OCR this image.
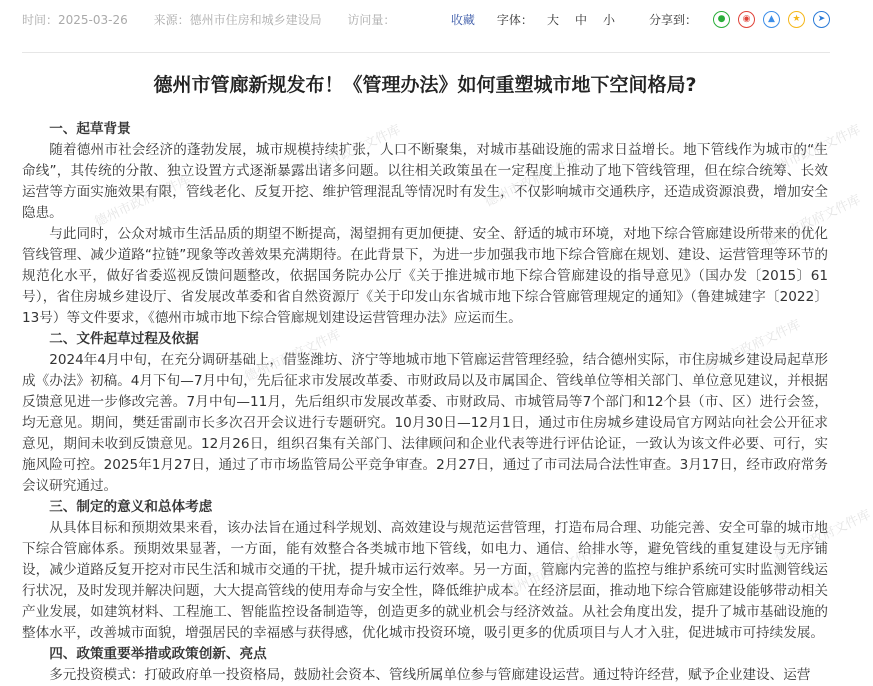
时间：2025-03-26 来源：德州市住房和城乡建设局 访问量：	收藏 字体： 大 中 小	分享到：	● ◉ ▲ ★ ➤
德州市管廊新规发布！《管理办法》如何重塑城市地下空间格局?
一、起草背景

随着德州市社会经济的蓬勃发展，城市规模持续扩张，人口不断聚集，对城市基础设施的需求日益增长。地下管线作为城市的“生命线”，其传统的分散、独立设置方式逐渐暴露出诸多问题。以往相关政策虽在一定程度上推动了地下管线管理，但在综合统筹、长效运营等方面实施效果有限，管线老化、反复开挖、维护管理混乱等情况时有发生，不仅影响城市交通秩序，还造成资源浪费，增加安全隐患。

与此同时，公众对城市生活品质的期望不断提高，渴望拥有更加便捷、安全、舒适的城市环境，对地下综合管廊建设所带来的优化管线管理、减少道路“拉链”现象等改善效果充满期待。在此背景下，为进一步加强我市地下综合管廊在规划、建设、运营管理等环节的规范化水平，做好省委巡视反馈问题整改，依据国务院办公厅《关于推进城市地下综合管廊建设的指导意见》（国办发〔2015〕61号），省住房城乡建设厅、省发展改革委和省自然资源厅《关于印发山东省城市地下综合管廊管理规定的通知》（鲁建城建字〔2022〕13号）等文件要求，《德州市城市地下综合管廊规划建设运营管理办法》应运而生。

二、文件起草过程及依据

2024年4月中旬，在充分调研基础上，借鉴潍坊、济宁等地城市地下管廊运营管理经验，结合德州实际，市住房城乡建设局起草形成《办法》初稿。4月下旬—7月中旬，先后征求市发展改革委、市财政局以及市属国企、管线单位等相关部门、单位意见建议，并根据反馈意见进一步修改完善。7月中旬—11月，先后组织市发展改革委、市财政局、市城管局等7个部门和12个县（市、区）进行会签，均无意见。期间，樊廷雷副市长多次召开会议进行专题研究。10月30日—12月1日，通过市住房城乡建设局官方网站向社会公开征求意见，期间未收到反馈意见。12月26日，组织召集有关部门、法律顾问和企业代表等进行评估论证，一致认为该文件必要、可行，实施风险可控。2025年1月27日，通过了市市场监管局公平竞争审查。2月27日，通过了市司法局合法性审查。3月17日，经市政府常务会议研究通过。

三、制定的意义和总体考虑

从具体目标和预期效果来看，该办法旨在通过科学规划、高效建设与规范运营管理，打造布局合理、功能完善、安全可靠的城市地下综合管廊体系。预期效果显著，一方面，能有效整合各类城市地下管线，如电力、通信、给排水等，避免管线的重复建设与无序铺设，减少道路反复开挖对市民生活和城市交通的干扰，提升城市运行效率。另一方面，管廊内完善的监控与维护系统可实时监测管线运行状况，及时发现并解决问题，大大提高管线的使用寿命与安全性，降低维护成本。在经济层面，推动地下综合管廊建设能够带动相关产业发展，如建筑材料、工程施工、智能监控设备制造等，创造更多的就业机会与经济效益。从社会角度出发，提升了城市基础设施的整体水平，改善城市面貌，增强居民的幸福感与获得感，优化城市投资环境，吸引更多的优质项目与人才入驻，促进城市可持续发展。

四、政策重要举措或政策创新、亮点

多元投资模式：打破政府单一投资格局，鼓励社会资本、管线所属单位参与管廊建设运营。通过特许经营，赋予企业建设、运营

德州市政府文件库
德州市政府文件库
德州市政府文件库
德州市政府文件库
德州市政府文件库
德州市政府文件库	德州市政府文件库
德州市政府文件库
德州市政府文件库
